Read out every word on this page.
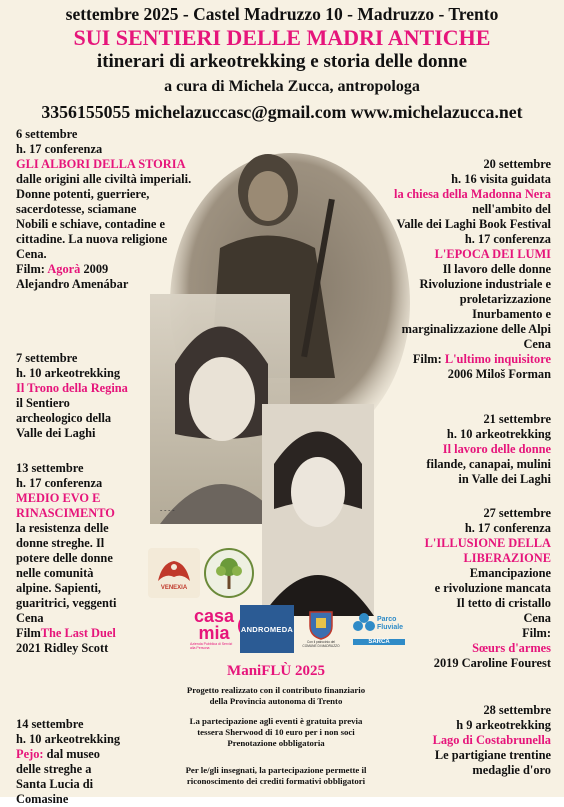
- - - -
settembre 2025 - Castel Madruzzo 10 - Madruzzo - Trento
SUI SENTIERI DELLE MADRI ANTICHE
itinerari di arkeotrekking e storia delle donne
a cura di Michela Zucca, antropologa
3356155055 michelazuccasc@gmail.com www.michelazucca.net
6 settembre
h. 17 conferenza
GLI ALBORI DELLA STORIA
dalle origini alle civiltà imperiali.
Donne potenti, guerriere,
sacerdotesse, sciamane
Nobili e schiave, contadine e
cittadine. La nuova religione
Cena.
Film: Agorà 2009
Alejandro Amenábar
7 settembre
h. 10 arkeotrekking
Il Trono della Regina
il Sentiero
archeologico della
Valle dei Laghi
13 settembre
h. 17 conferenza
MEDIO EVO E
RINASCIMENTO
la resistenza delle
donne streghe. Il
potere delle donne
nelle comunità
alpine. Sapienti,
guaritrici, veggenti
Cena
FilmThe Last Duel
2021 Ridley Scott
14 settembre
h. 10 arkeotrekking
Pejo: dal museo
delle streghe a
Santa Lucia di
Comasine
20 settembre
h. 16 visita guidata
la chiesa della Madonna Nera
nell'ambito del
Valle dei Laghi Book Festival
h. 17 conferenza
L'EPOCA DEI LUMI
Il lavoro delle donne
Rivoluzione industriale e
proletarizzazione
Inurbamento e
marginalizzazione delle Alpi
Cena
Film: L'ultimo inquisitore
2006 Miloš Forman
21 settembre
h. 10 arkeotrekking
Il lavoro delle donne
filande, canapai, mulini
in Valle dei Laghi
27 settembre
h. 17 conferenza
L'ILLUSIONE DELLA
LIBERAZIONE
Emancipazione
e rivoluzione mancata
Il tetto di cristallo
Cena
Film:
Sœurs d'armes
2019 Caroline Fourest
28 settembre
h 9 arkeotrekking
Lago di Costabrunella
Le partigiane trentine
medaglie d'oro
VENEXIA
casa
mia
Azienda Pubblica di Servizi alla Persona
ANDROMEDA
Con il patrocinio del COMUNE DI MADRUZZO
Parco
Fluviale
SARCA
ManiFLÙ 2025
Progetto realizzato con il contributo finanziario
della Provincia autonoma di Trento
La partecipazione agli eventi è gratuita previa
tessera Sherwood di 10 euro per i non soci
Prenotazione obbligatoria
Per le/gli insegnati, la partecipazione permette il
riconoscimento dei crediti formativi obbligatori
